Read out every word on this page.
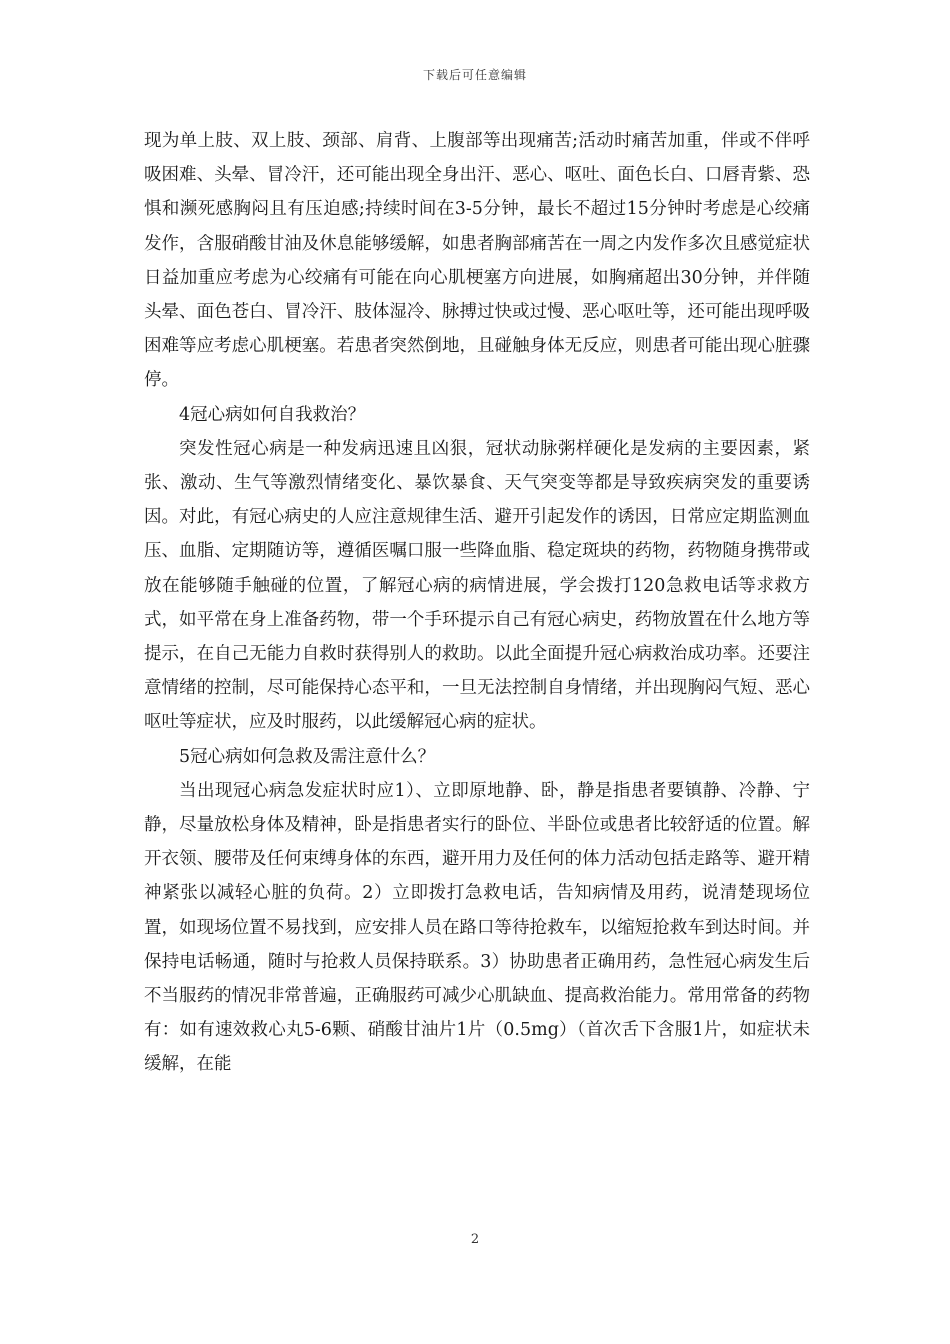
下载后可任意编辑

现为单上肢、双上肢、颈部、肩背、上腹部等出现痛苦;活动时痛苦加重，伴或不伴呼吸困难、头晕、冒冷汗，还可能出现全身出汗、恶心、呕吐、面色长白、口唇青紫、恐惧和濒死感胸闷且有压迫感;持续时间在3-5分钟，最长不超过15分钟时考虑是心绞痛发作，含服硝酸甘油及休息能够缓解，如患者胸部痛苦在一周之内发作多次且感觉症状日益加重应考虑为心绞痛有可能在向心肌梗塞方向进展，如胸痛超出30分钟，并伴随头晕、面色苍白、冒冷汗、肢体湿冷、脉搏过快或过慢、恶心呕吐等，还可能出现呼吸困难等应考虑心肌梗塞。若患者突然倒地，且碰触身体无反应，则患者可能出现心脏骤停。

4冠心病如何自我救治？

突发性冠心病是一种发病迅速且凶狠，冠状动脉粥样硬化是发病的主要因素，紧张、激动、生气等激烈情绪变化、暴饮暴食、天气突变等都是导致疾病突发的重要诱因。对此，有冠心病史的人应注意规律生活、避开引起发作的诱因，日常应定期监测血压、血脂、定期随访等，遵循医嘱口服一些降血脂、稳定斑块的药物，药物随身携带或放在能够随手触碰的位置，了解冠心病的病情进展，学会拨打120急救电话等求救方式，如平常在身上准备药物，带一个手环提示自己有冠心病史，药物放置在什么地方等提示，在自己无能力自救时获得别人的救助。以此全面提升冠心病救治成功率。还要注意情绪的控制，尽可能保持心态平和，一旦无法控制自身情绪，并出现胸闷气短、恶心呕吐等症状，应及时服药，以此缓解冠心病的症状。

5冠心病如何急救及需注意什么？

当出现冠心病急发症状时应1）、立即原地静、卧，静是指患者要镇静、冷静、宁静，尽量放松身体及精神，卧是指患者实行的卧位、半卧位或患者比较舒适的位置。解开衣领、腰带及任何束缚身体的东西，避开用力及任何的体力活动包括走路等、避开精神紧张以减轻心脏的负荷。2）立即拨打急救电话，告知病情及用药，说清楚现场位置，如现场位置不易找到，应安排人员在路口等待抢救车，以缩短抢救车到达时间。并保持电话畅通，随时与抢救人员保持联系。3）协助患者正确用药，急性冠心病发生后不当服药的情况非常普遍，正确服药可减少心肌缺血、提高救治能力。常用常备的药物有：如有速效救心丸5-6颗、硝酸甘油片1片（0.5mg）（首次舌下含服1片，如症状未缓解，在能

2
